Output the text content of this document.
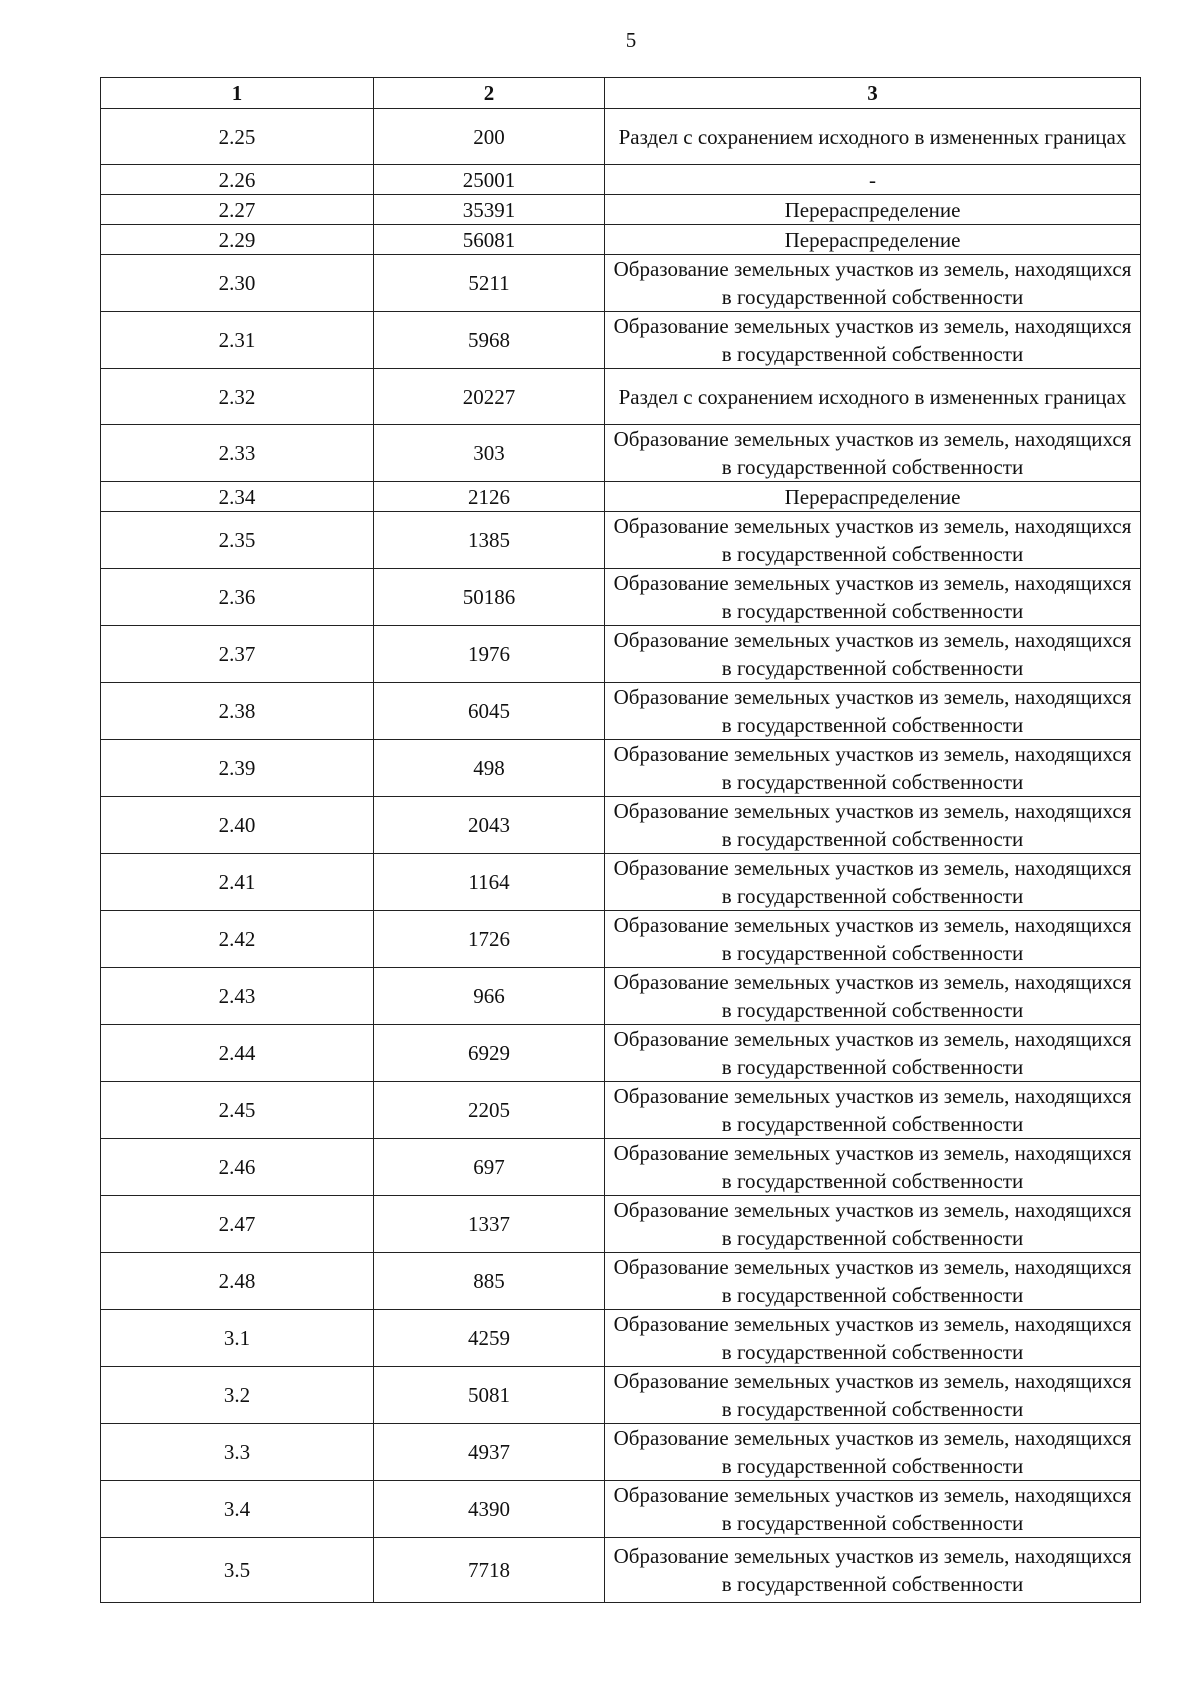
5
1	2	3
2.25	200	Раздел с сохранением исходного в измененных границах
2.26	25001	-
2.27	35391	Перераспределение
2.29	56081	Перераспределение
2.30	5211	Образование земельных участков из земель, находящихся в государственной собственности
2.31	5968	Образование земельных участков из земель, находящихся в государственной собственности
2.32	20227	Раздел с сохранением исходного в измененных границах
2.33	303	Образование земельных участков из земель, находящихся в государственной собственности
2.34	2126	Перераспределение
2.35	1385	Образование земельных участков из земель, находящихся в государственной собственности
2.36	50186	Образование земельных участков из земель, находящихся в государственной собственности
2.37	1976	Образование земельных участков из земель, находящихся в государственной собственности
2.38	6045	Образование земельных участков из земель, находящихся в государственной собственности
2.39	498	Образование земельных участков из земель, находящихся в государственной собственности
2.40	2043	Образование земельных участков из земель, находящихся в государственной собственности
2.41	1164	Образование земельных участков из земель, находящихся в государственной собственности
2.42	1726	Образование земельных участков из земель, находящихся в государственной собственности
2.43	966	Образование земельных участков из земель, находящихся в государственной собственности
2.44	6929	Образование земельных участков из земель, находящихся в государственной собственности
2.45	2205	Образование земельных участков из земель, находящихся в государственной собственности
2.46	697	Образование земельных участков из земель, находящихся в государственной собственности
2.47	1337	Образование земельных участков из земель, находящихся в государственной собственности
2.48	885	Образование земельных участков из земель, находящихся в государственной собственности
3.1	4259	Образование земельных участков из земель, находящихся в государственной собственности
3.2	5081	Образование земельных участков из земель, находящихся в государственной собственности
3.3	4937	Образование земельных участков из земель, находящихся в государственной собственности
3.4	4390	Образование земельных участков из земель, находящихся в государственной собственности
3.5	7718	Образование земельных участков из земель, находящихся в государственной собственности
